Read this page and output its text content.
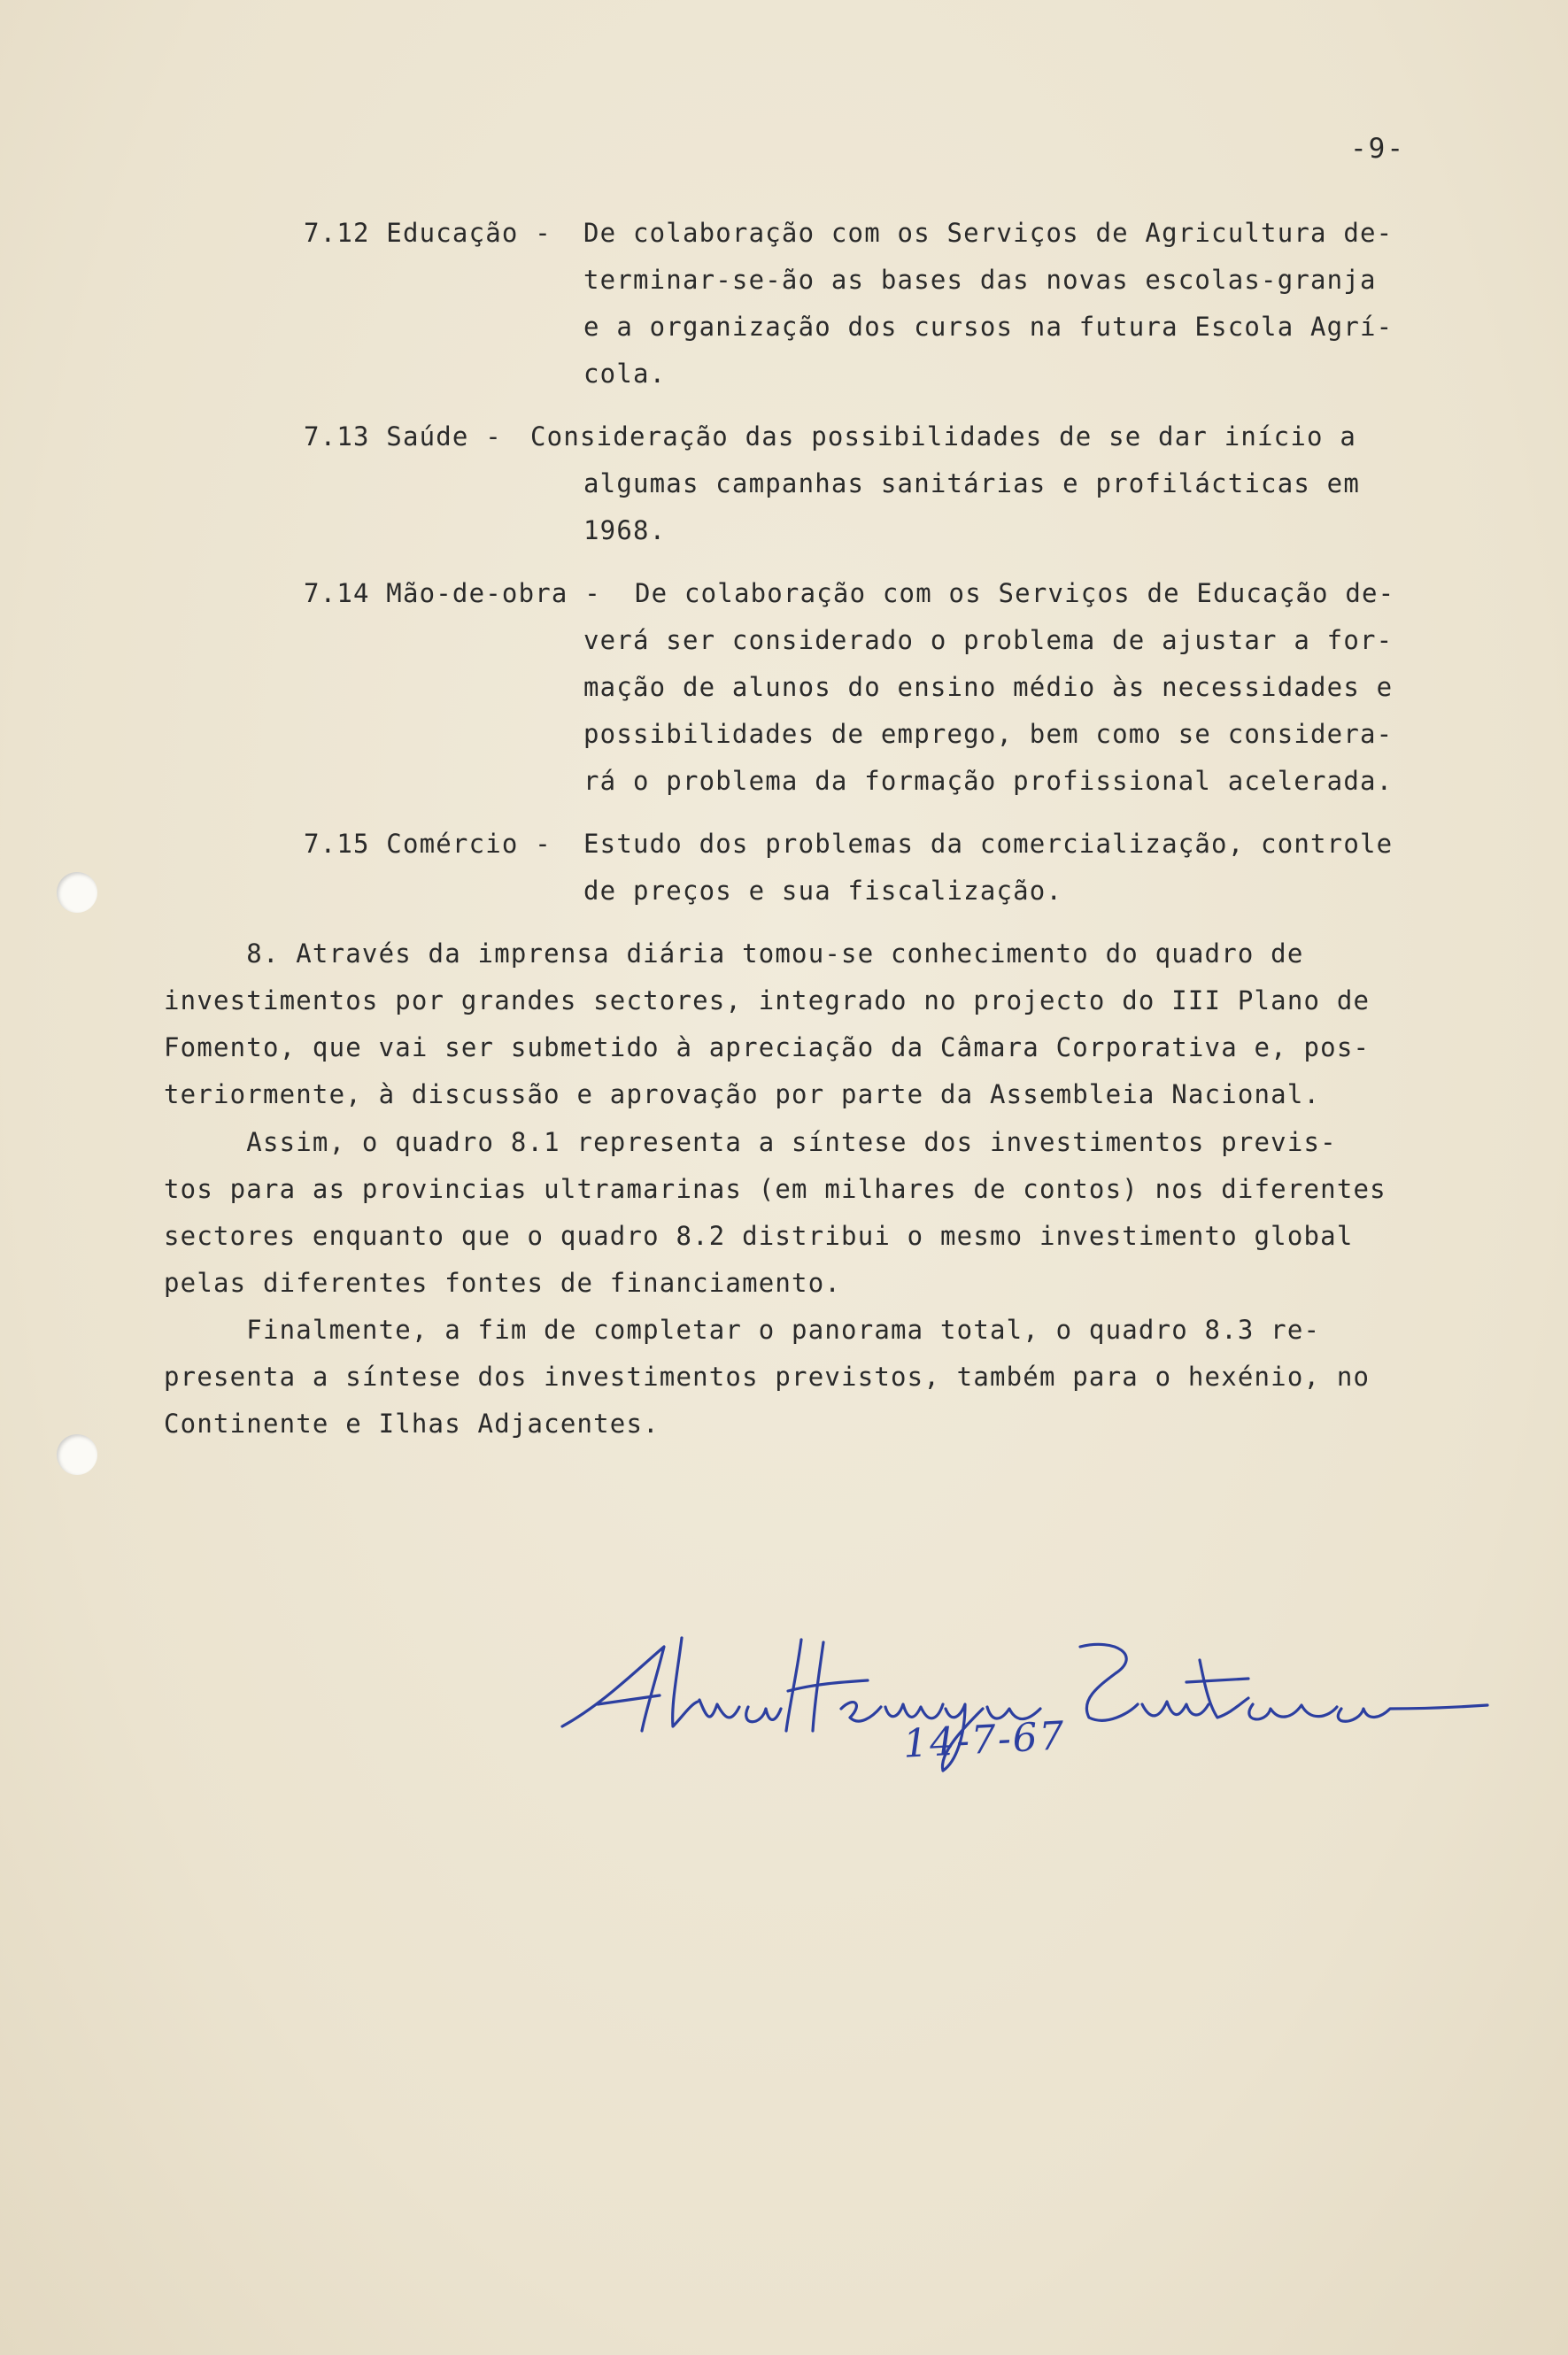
-9-
7.12 Educação - De colaboração com os Serviços de Agricultura de-
terminar-se-ão as bases das novas escolas-granja
e a organização dos cursos na futura Escola Agrí-
cola.
7.13 Saúde - Consideração das possibilidades de se dar início a
algumas campanhas sanitárias e profilácticas em
1968.
7.14 Mão-de-obra - De colaboração com os Serviços de Educação de-
verá ser considerado o problema de ajustar a for-
mação de alunos do ensino médio às necessidades e
possibilidades de emprego, bem como se considera-
rá o problema da formação profissional acelerada.
7.15 Comércio - Estudo dos problemas da comercialização, controle
de preços e sua fiscalização.
8. Através da imprensa diária tomou-se conhecimento do quadro de
investimentos por grandes sectores, integrado no projecto do III Plano de
Fomento, que vai ser submetido à apreciação da Câmara Corporativa e, pos-
teriormente, à discussão e aprovação por parte da Assembleia Nacional.
Assim, o quadro 8.1 representa a síntese dos investimentos previs-
tos para as provincias ultramarinas (em milhares de contos) nos diferentes
sectores enquanto que o quadro 8.2 distribui o mesmo investimento global
pelas diferentes fontes de financiamento.
Finalmente, a fim de completar o panorama total, o quadro 8.3 re-
presenta a síntese dos investimentos previstos, também para o hexénio, no
Continente e Ilhas Adjacentes.
14-7-67
